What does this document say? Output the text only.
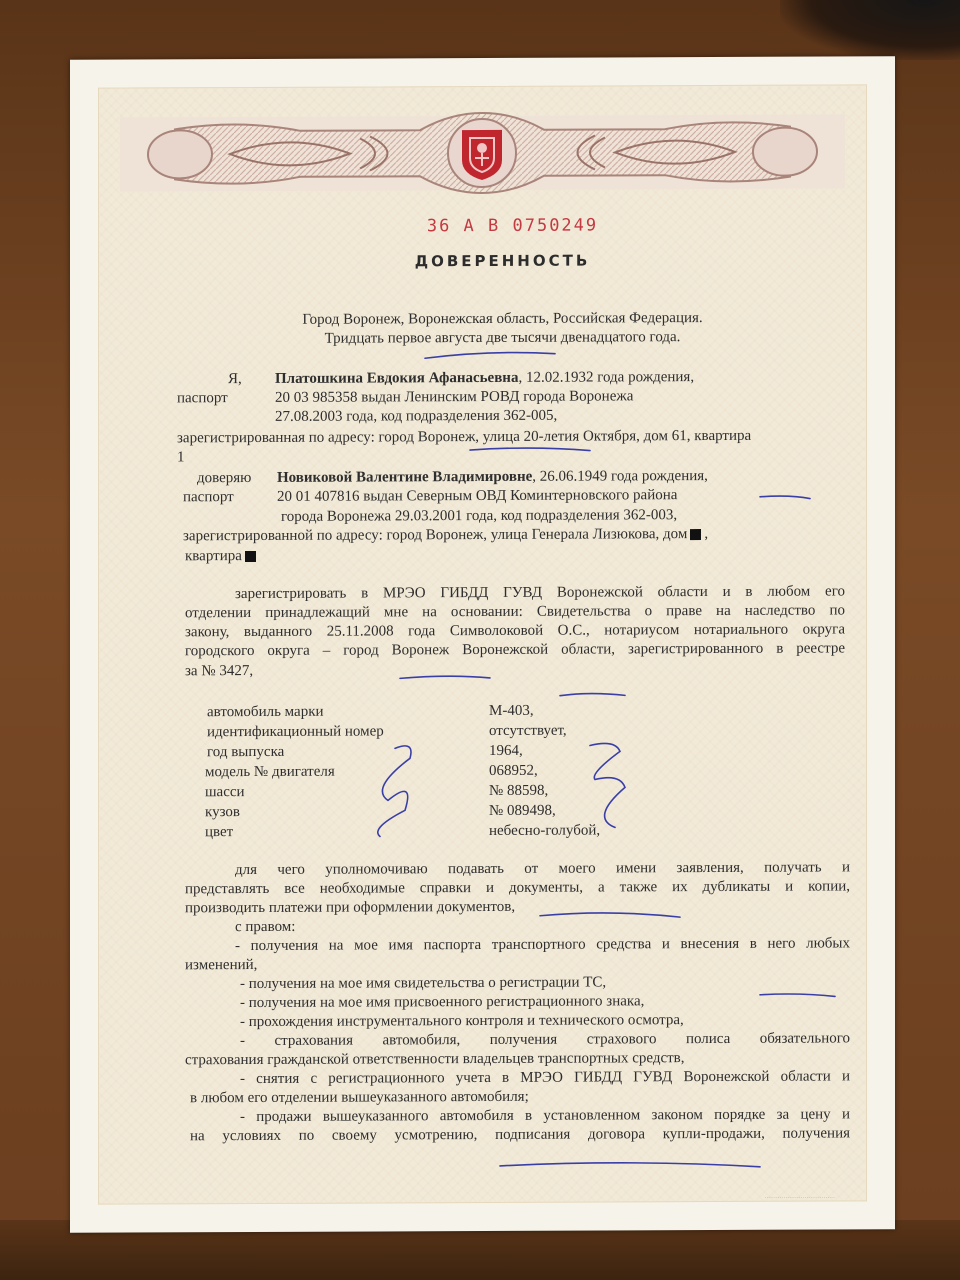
36 А В 0750249
ДОВЕРЕННОСТЬ
Город Воронеж, Воронежская область, Российская Федерация.
Тридцать первое августа две тысячи двенадцатого года.
Я, Платошкина Евдокия Афанасьевна, 12.02.1932 года рождения,
паспорт	20 03 985358 выдан Ленинским РОВД города Воронежа
27.08.2003 года, код подразделения 362-005,
зарегистрированная по адресу: город Воронеж, улица 20-летия Октября, дом 61, квартира
1
доверяю Новиковой Валентине Владимировне, 26.06.1949 года рождения,
паспорт	20 01 407816 выдан Северным ОВД Коминтерновского района
города Воронежа 29.03.2001 года, код подразделения 362-003,
зарегистрированной по адресу: город Воронеж, улица Генерала Лизюкова, дом ,
квартира
зарегистрировать в МРЭО ГИБДД ГУВД Воронежской области и в любом его
отделении принадлежащий мне на основании: Свидетельства о праве на наследство по
закону, выданного 25.11.2008 года Символоковой О.С., нотариусом нотариального округа
городского округа – город Воронеж Воронежской области, зарегистрированного в реестре
за № 3427,
автомобиль марки	М-403,
идентификационный номер	отсутствует,
год выпуска	1964,
модель № двигателя	068952,
шасси	№ 88598,
кузов	№ 089498,
цвет	небесно-голубой,
для чего уполномочиваю подавать от моего имени заявления, получать и
представлять все необходимые справки и документы, а также их дубликаты и копии,
производить платежи при оформлении документов,
с правом:
- получения на мое имя паспорта транспортного средства и внесения в него любых
изменений,
- получения на мое имя свидетельства о регистрации ТС,
- получения на мое имя присвоенного регистрационного знака,
- прохождения инструментального контроля и технического осмотра,
- страхования автомобиля, получения страхового полиса обязательного
страхования гражданской ответственности владельцев транспортных средств,
- снятия с регистрационного учета в МРЭО ГИБДД ГУВД Воронежской области и
в любом его отделении вышеуказанного автомобиля;
- продажи вышеуказанного автомобиля в установленном законом порядке за цену и
на условиях по своему усмотрению, подписания договора купли-продажи, получения
·····································
